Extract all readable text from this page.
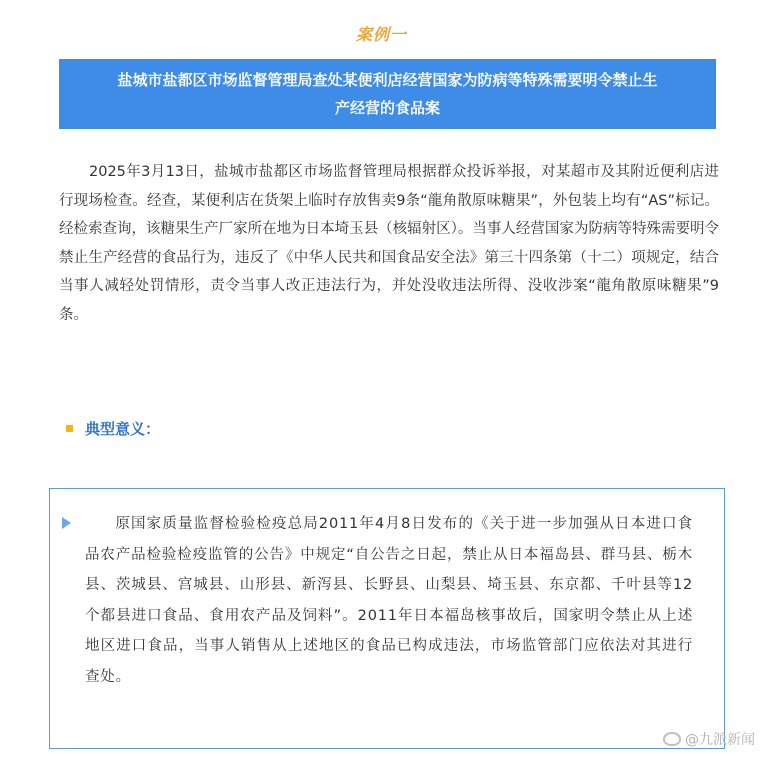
案例一
盐城市盐都区市场监督管理局查处某便利店经营国家为防病等特殊需要明令禁止生
产经营的食品案

2025年3月13日，盐城市盐都区市场监督管理局根据群众投诉举报，对某超市及其附近便利店进行现场检查。经查，某便利店在货架上临时存放售卖9条“龍角散原味糖果”，外包装上均有“AS”标记。经检索查询，该糖果生产厂家所在地为日本埼玉县（核辐射区）。当事人经营国家为防病等特殊需要明令禁止生产经营的食品行为，违反了《中华人民共和国食品安全法》第三十四条第（十二）项规定，结合当事人减轻处罚情形，责令当事人改正违法行为，并处没收违法所得、没收涉案“龍角散原味糖果”9条。

典型意义：

原国家质量监督检验检疫总局2011年4月8日发布的《关于进一步加强从日本进口食品农产品检验检疫监管的公告》中规定“自公告之日起，禁止从日本福岛县、群马县、栃木县、茨城县、宫城县、山形县、新泻县、长野县、山梨县、埼玉县、东京都、千叶县等12个都县进口食品、食用农产品及饲料”。2011年日本福岛核事故后，国家明令禁止从上述地区进口食品，当事人销售从上述地区的食品已构成违法，市场监管部门应依法对其进行查处。

@九派新闻
